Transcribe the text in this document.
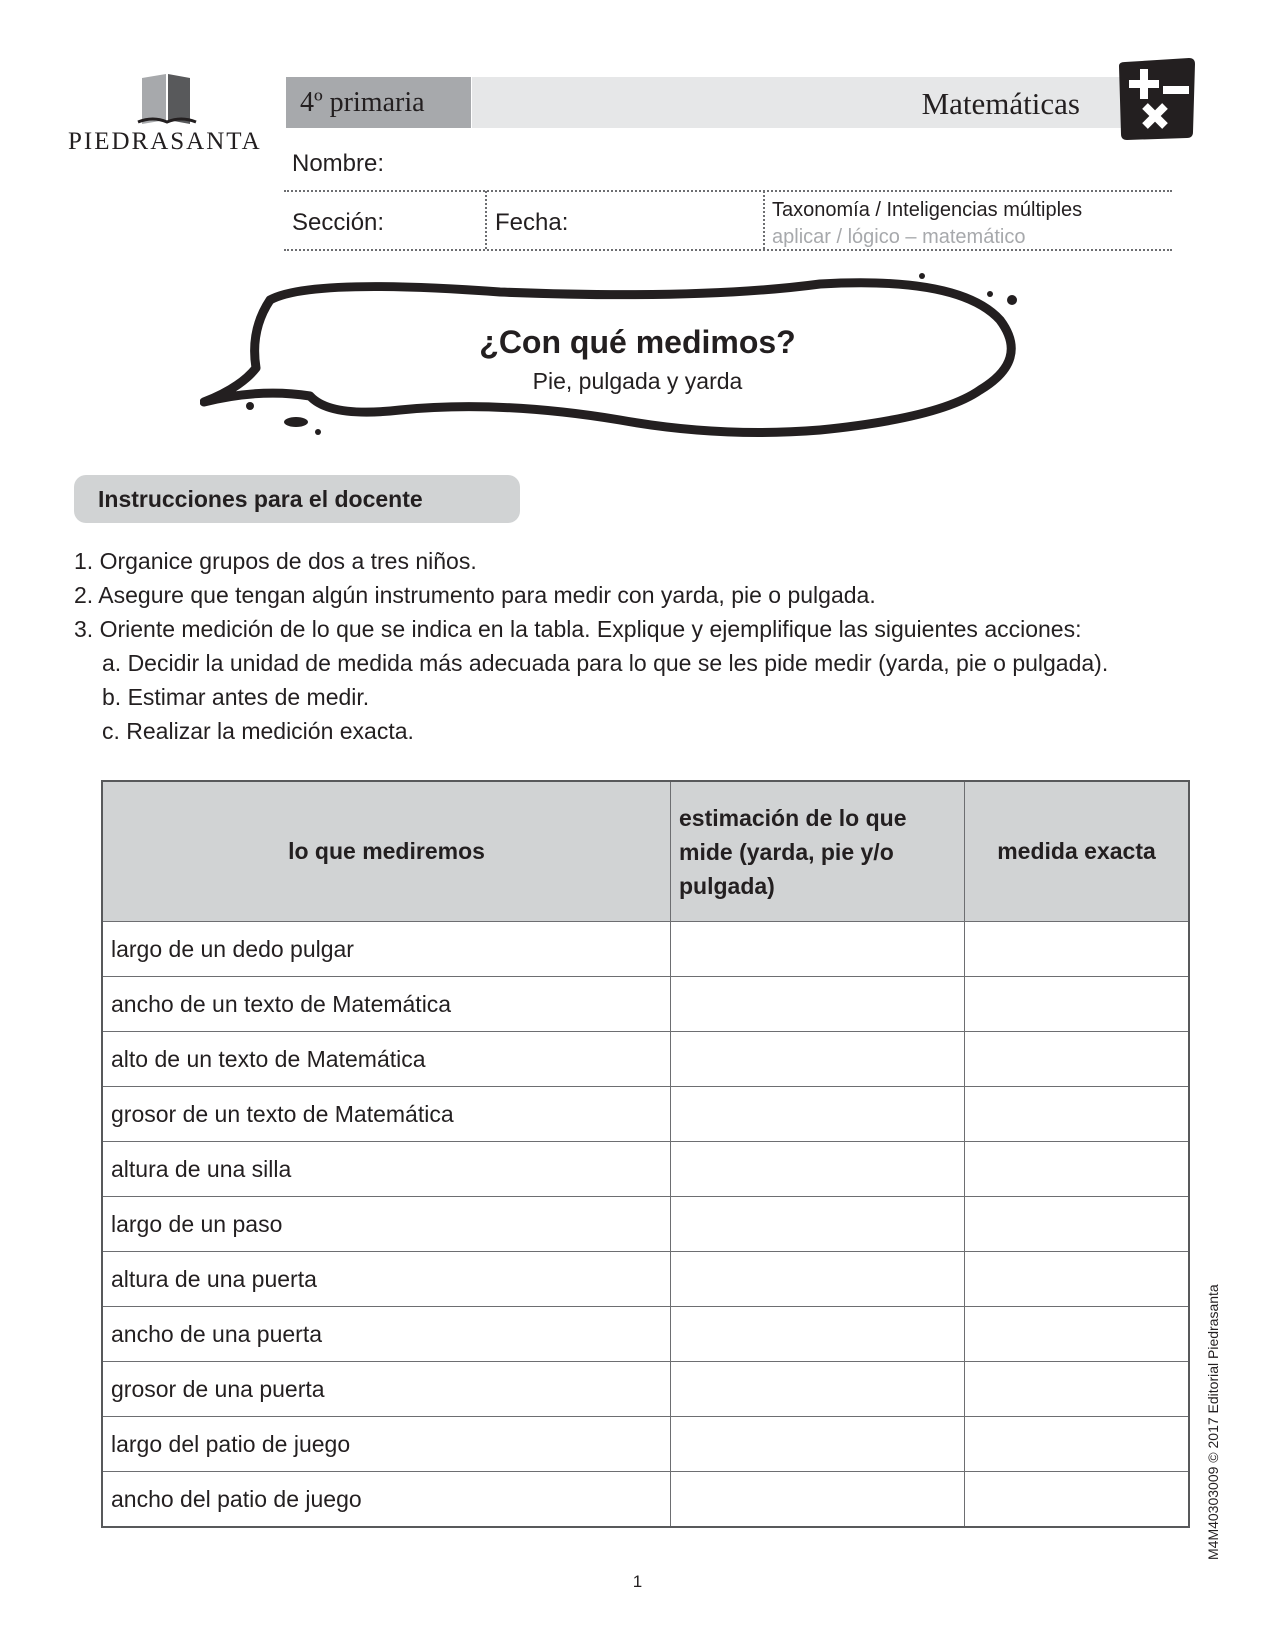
PIEDRASANTA
4º primaria	Matemáticas
Nombre:
Sección:	Fecha:	Taxonomía / Inteligencias múltiples
aplicar / lógico – matemático
¿Con qué medimos?
Pie, pulgada y yarda
Instrucciones para el docente
1. Organice grupos de dos a tres niños.
2. Asegure que tengan algún instrumento para medir con yarda, pie o pulgada.
3. Oriente medición de lo que se indica en la tabla. Explique y ejemplifique las siguientes acciones:
a. Decidir la unidad de medida más adecuada para lo que se les pide medir (yarda, pie o pulgada).
b. Estimar antes de medir.
c. Realizar la medición exacta.
lo que mediremos	estimación de lo que mide (yarda, pie y/o pulgada)	medida exacta
largo de un dedo pulgar		
ancho de un texto de Matemática		
alto de un texto de Matemática		
grosor de un texto de Matemática		
altura de una silla		
largo de un paso		
altura de una puerta		
ancho de una puerta		
grosor de una puerta		
largo del patio de juego		
ancho del patio de juego			M4M40303009 © 2017 Editorial Piedrasanta
1
